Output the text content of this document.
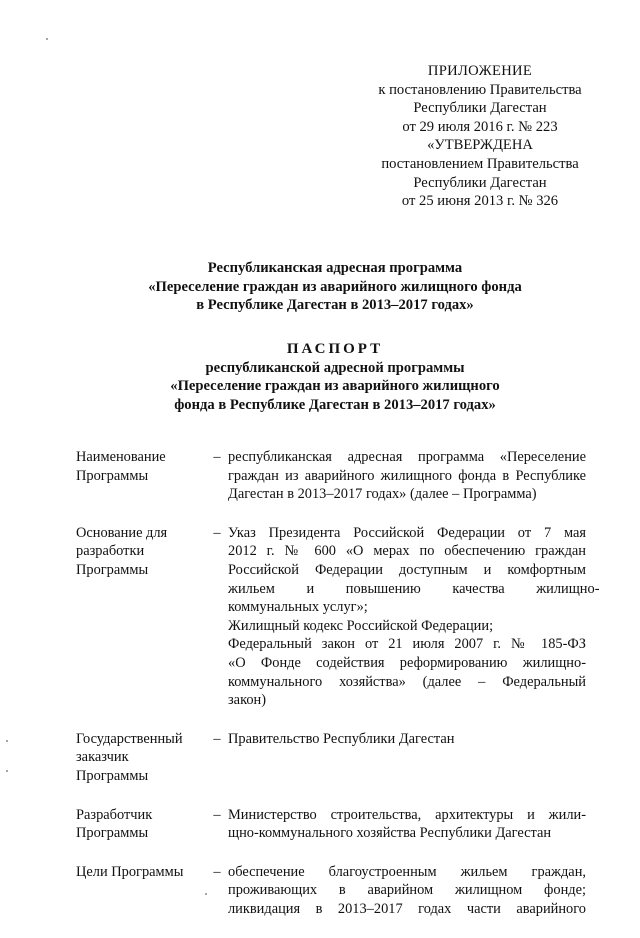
ПРИЛОЖЕНИЕ
к постановлению Правительства
Республики Дагестан
от 29 июля 2016 г. № 223
«УТВЕРЖДЕНА
постановлением Правительства
Республики Дагестан
от 25 июня 2013 г. № 326
Республиканская адресная программа
«Переселение граждан из аварийного жилищного фонда
в Республике Дагестан в 2013–2017 годах»
ПАСПОРТ
республиканской адресной программы
«Переселение граждан из аварийного жилищного
фонда в Республике Дагестан в 2013–2017 годах»
Наименование
Программы
– республиканская адресная программа «Переселение
граждан из аварийного жилищного фонда в Республике
Дагестан в 2013–2017 годах» (далее – Программа)
Основание для
разработки
Программы
– Указ Президента Российской Федерации от 7 мая
2012 г. № 600 «О мерах по обеспечению граждан
Российской Федерации доступным и комфортным
жильем и повышению качества жилищно-
коммунальных услуг»;
Жилищный кодекс Российской Федерации;
Федеральный закон от 21 июля 2007 г. № 185-ФЗ
«О Фонде содействия реформированию жилищно-
коммунального хозяйства» (далее – Федеральный
закон)
Государственный
заказчик
Программы
– Правительство Республики Дагестан
Разработчик
Программы
– Министерство строительства, архитектуры и жили-
щно-коммунального хозяйства Республики Дагестан
Цели Программы	– обеспечение благоустроенным жильем граждан,
проживающих в аварийном жилищном фонде;
ликвидация в 2013–2017 годах части аварийного
